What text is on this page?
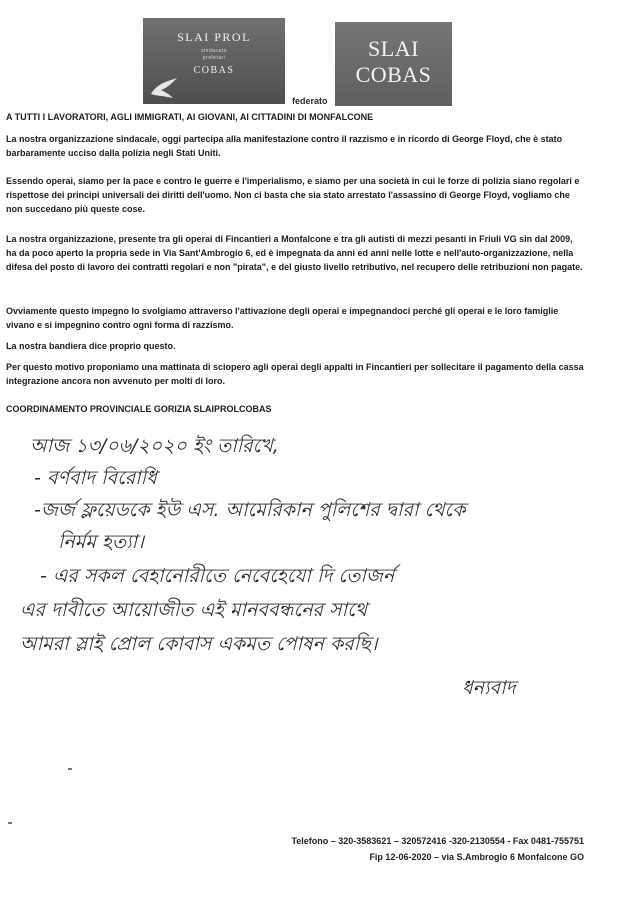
SLAI PROL
sindacato
proletari
COBAS
federato
SLAI
COBAS
A TUTTI I LAVORATORI, AGLI IMMIGRATI, AI GIOVANI, AI CITTADINI DI MONFALCONE

La nostra organizzazione sindacale, oggi partecipa alla manifestazione contro il razzismo e in ricordo di George Floyd, che è stato barbaramente ucciso dalla polizia negli Stati Uniti.

Essendo operai, siamo per la pace e contro le guerre e l'imperialismo, e siamo per una società in cui le forze di polizia siano regolari e rispettose dei principi universali dei diritti dell'uomo. Non ci basta che sia stato arrestato l'assassino di George Floyd, vogliamo che non succedano più queste cose.

La nostra organizzazione, presente tra gli operai di Fincantieri a Monfalcone e tra gli autisti di mezzi pesanti in Friuli VG sin dal 2009, ha da poco aperto la propria sede in Via Sant'Ambrogio 6, ed è impegnata da anni ed anni nelle lotte e nell'auto-organizzazione, nella difesa del posto di lavoro dei contratti regolari e non "pirata", e del giusto livello retributivo, nel recupero delle retribuzioni non pagate.

Ovviamente questo impegno lo svolgiamo attraverso l'attivazione degli operai e impegnandoci perché gli operai e le loro famiglie vivano e si impegnino contro ogni forma di razzismo.

La nostra bandiera dice proprio questo.

Per questo motivo proponiamo una mattinata di sciopero agli operai degli appalti in Fincantieri per sollecitare il pagamento della cassa integrazione ancora non avvenuto per molti di loro.

COORDINAMENTO PROVINCIALE GORIZIA SLAIPROLCOBAS
আজ ১৩/০৬/২০২০ ইং তারিখে,
- বর্ণবাদ বিরোধি
-জর্জ ফ্লয়েডকে ইউ এস. আমেরিকান পুলিশের দ্বারা থেকে
নির্মম হত্যা।
- এর সকল বেহানোরীতে নেবেহেযো দি তোজর্ন
এর দাবীতে আয়োজীত এই মানববন্ধনের সাথে
আমরা স্লাই প্রোল কোবাস একমত পোষন করছি।
ধন্যবাদ
Telefono – 320-3583621 – 320572416 -320-2130554 - Fax 0481-755751
Fip 12-06-2020 – via S.Ambrogio 6 Monfalcone GO
